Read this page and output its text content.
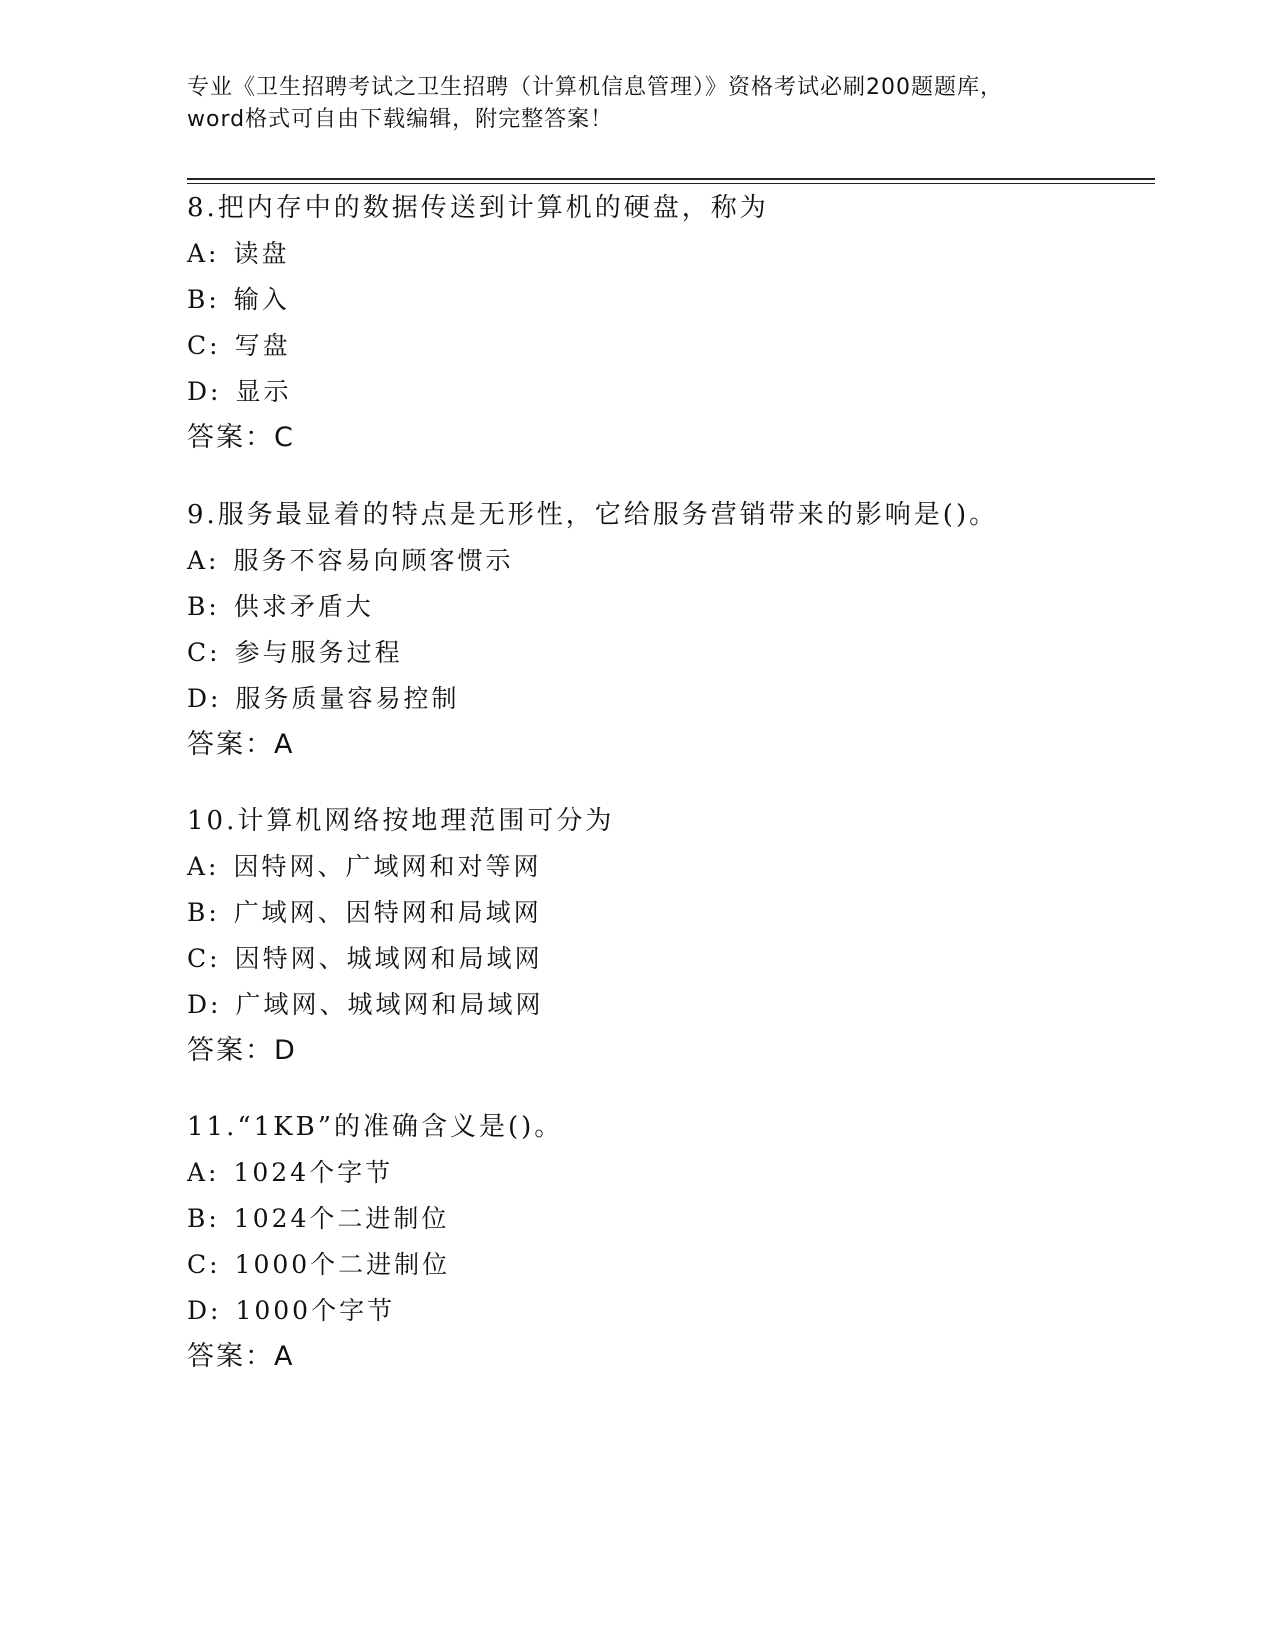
专业《卫生招聘考试之卫生招聘（计算机信息管理）》资格考试必刷200题题库，
word格式可自由下载编辑，附完整答案！
8.把内存中的数据传送到计算机的硬盘，称为
A: 读盘
B: 输入
C: 写盘
D: 显示
答案：C
9.服务最显着的特点是无形性，它给服务营销带来的影响是()。
A: 服务不容易向顾客惯示
B: 供求矛盾大
C: 参与服务过程
D: 服务质量容易控制
答案：A
10.计算机网络按地理范围可分为
A: 因特网、广域网和对等网
B: 广域网、因特网和局域网
C: 因特网、城域网和局域网
D: 广域网、城域网和局域网
答案：D
11.“1KB”的准确含义是()。
A: 1024个字节
B: 1024个二进制位
C: 1000个二进制位
D: 1000个字节
答案：A
